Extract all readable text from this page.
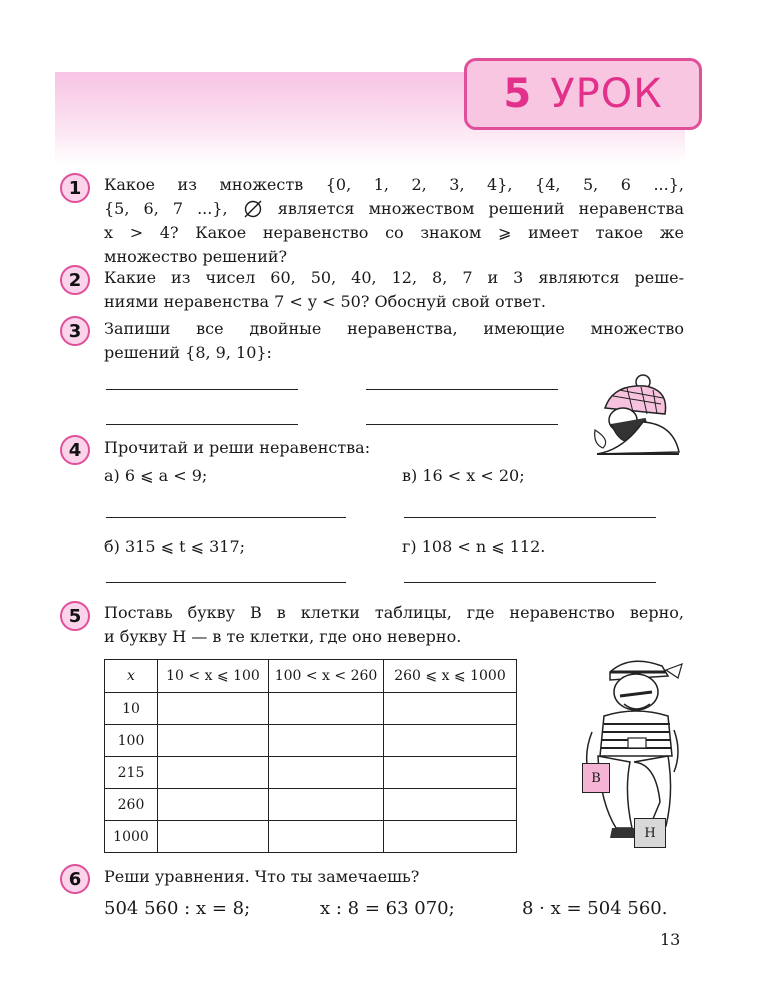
5 УРОК
1	Какое из множеств {0, 1, 2, 3, 4}, {4, 5, 6 ...},
{5, 6, 7 ...},	является множеством решений неравенства
x > 4? Какое неравенство со знаком ⩾ имеет такое же
множество решений?
2	Какие из чисел 60, 50, 40, 12, 8, 7 и 3 являются реше-
ниями неравенства 7 < y < 50? Обоснуй свой ответ.
3	Запиши все двойные неравенства, имеющие множество
решений {8, 9, 10}:
4	Прочитай и реши неравенства:
а) 6 ⩽ a < 9;	в) 16 < x < 20;
б) 315 ⩽ t ⩽ 317;	г) 108 < n ⩽ 112.
5	Поставь букву В в клетки таблицы, где неравенство верно,
и букву Н — в те клетки, где оно неверно.
x	10 < x ⩽ 100	100 < x < 260	260 ⩽ x ⩽ 1000
10			
100			
215			
260			
1000			
В
Н
6	Реши уравнения. Что ты замечаешь?
504 560 : x = 8;	x : 8 = 63 070;	8 · x = 504 560.
13
